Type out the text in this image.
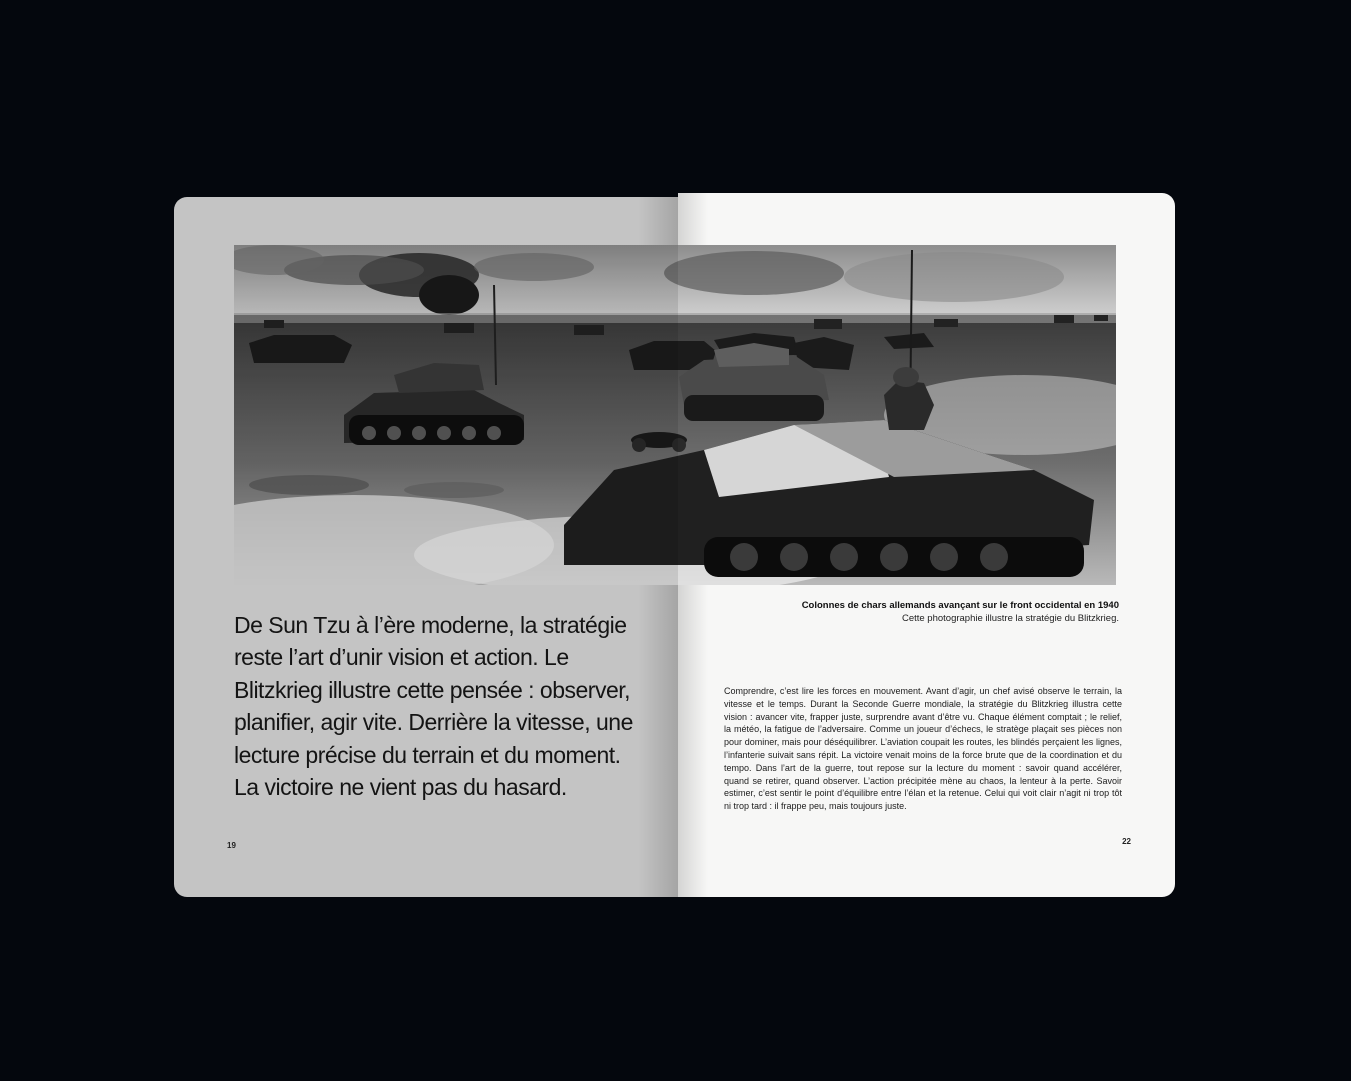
De Sun Tzu à l’ère moderne, la stratégie reste l’art d’unir vision et action. Le Blitzkrieg illustre cette pensée : observer, planifier, agir vite. Derrière la vitesse, une lecture précise du terrain et du moment. La victoire ne vient pas du hasard.
19
Colonnes de chars allemands avançant sur le front occidental en 1940
Cette photographie illustre la stratégie du Blitzkrieg.

Comprendre, c’est lire les forces en mouvement. Avant d’agir, un chef avisé observe le terrain, la vitesse et le temps. Durant la Seconde Guerre mondiale, la stratégie du Blitzkrieg illustra cette vision : avancer vite, frapper juste, surprendre avant d’être vu. Chaque élément comptait ; le relief, la météo, la fatigue de l’adversaire. Comme un joueur d’échecs, le stratège plaçait ses pièces non pour dominer, mais pour déséquilibrer. L’aviation coupait les routes, les blindés perçaient les lignes, l’infanterie suivait sans répit. La victoire venait moins de la force brute que de la coordination et du tempo. Dans l’art de la guerre, tout repose sur la lecture du moment : savoir quand accélérer, quand se retirer, quand observer. L’action précipitée mène au chaos, la lenteur à la perte. Savoir estimer, c’est sentir le point d’équilibre entre l’élan et la retenue. Celui qui voit clair n’agit ni trop tôt ni trop tard : il frappe peu, mais toujours juste.

22
